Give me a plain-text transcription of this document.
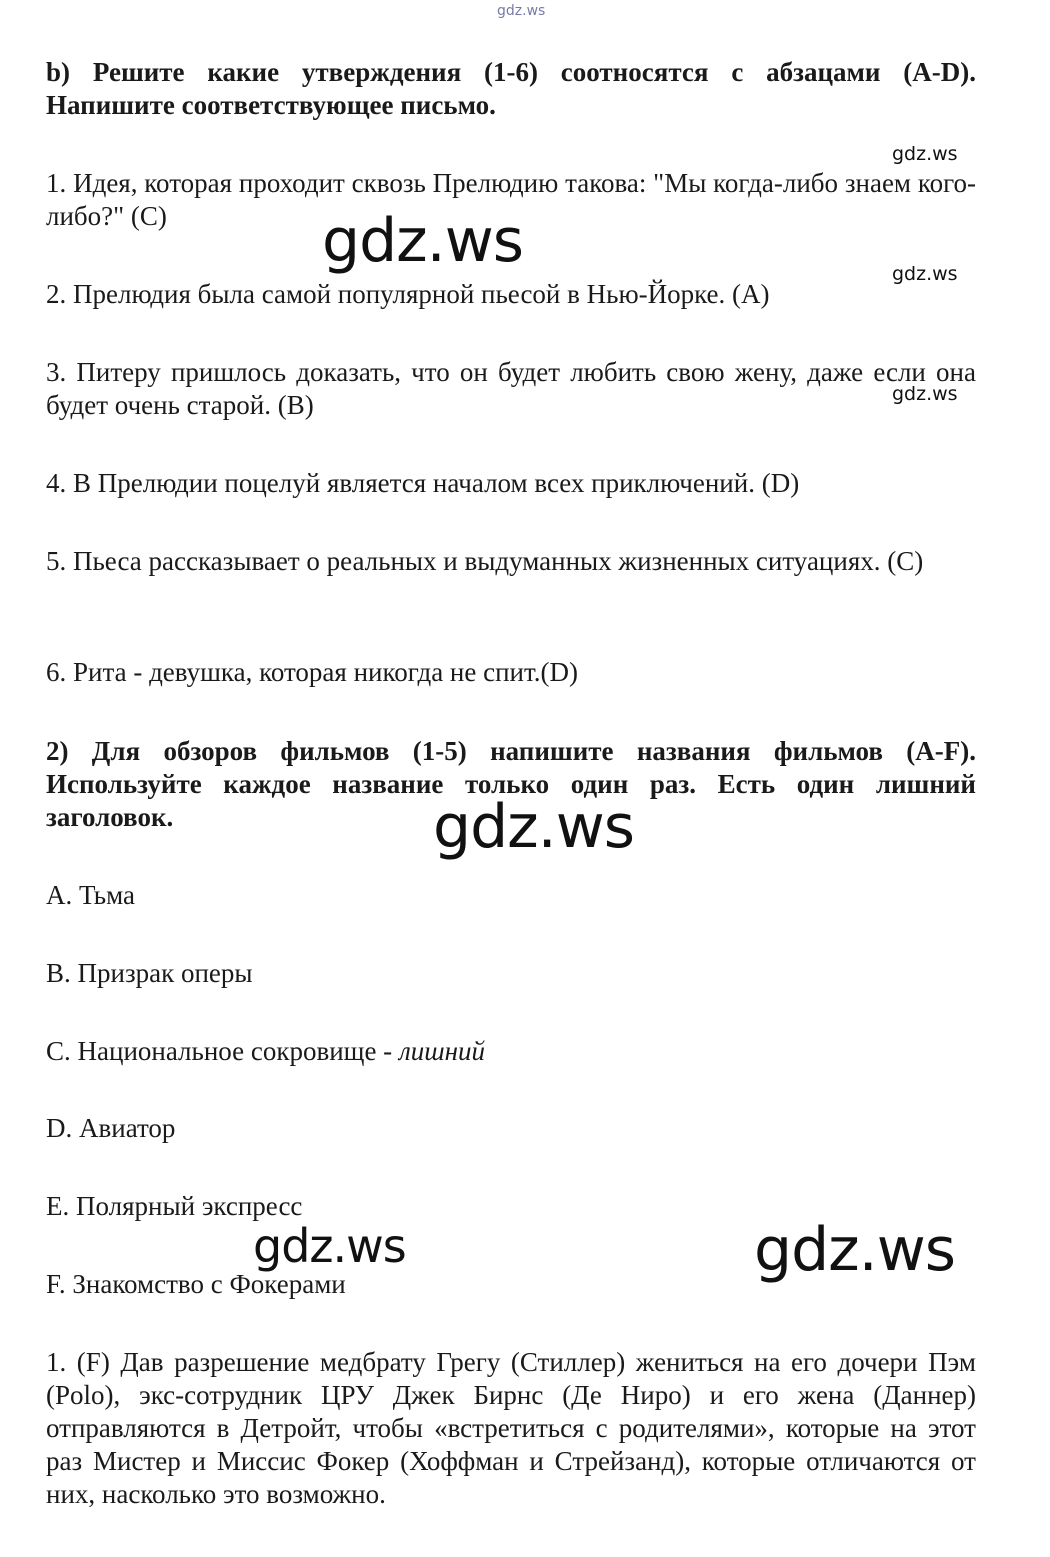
gdz.ws
gdz.ws
gdz.ws	gdz.ws
gdz.ws
gdz.ws
gdz.ws	gdz.ws

b) Решите какие утверждения (1-6) соотносятся с абзацами (A-D). Напишите соответствующее письмо.

1. Идея, которая проходит сквозь Прелюдию такова: "Мы когда-либо знаем кого-либо?" (C)

2. Прелюдия была самой популярной пьесой в Нью-Йорке. (A)

3. Питеру пришлось доказать, что он будет любить свою жену, даже если она будет очень старой. (B)

4. В Прелюдии поцелуй является началом всех приключений. (D)

5. Пьеса рассказывает о реальных и выдуманных жизненных ситуациях. (C)

6. Рита - девушка, которая никогда не спит.(D)

2) Для обзоров фильмов (1-5) напишите названия фильмов (A-F). Используйте каждое название только один раз. Есть один лишний заголовок.

A. Тьма

B. Призрак оперы

C. Национальное сокровище - лишний

D. Авиатор

E. Полярный экспресс

F. Знакомство с Фокерами

1. (F) Дав разрешение медбрату Грегу (Стиллер) жениться на его дочери Пэм (Polo), экс-сотрудник ЦРУ Джек Бирнс (Де Ниро) и его жена (Даннер) отправляются в Детройт, чтобы «встретиться с родителями», которые на этот раз Мистер и Миссис Фокер (Хоффман и Стрейзанд), которые отличаются от них, насколько это возможно.
